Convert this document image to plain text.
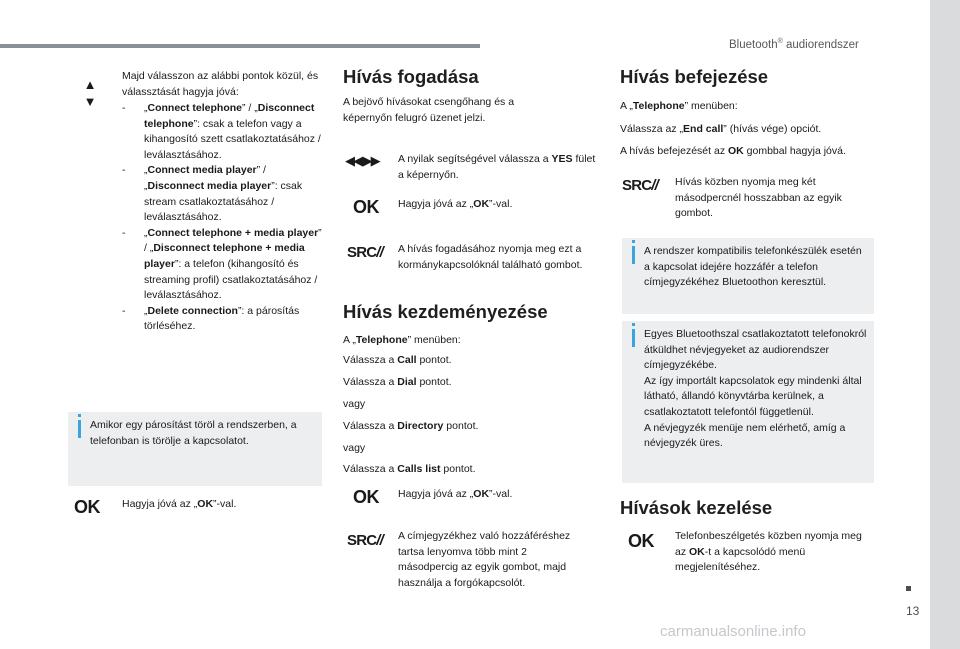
Bluetooth® audiorendszer
13
carmanualsonline.info
▲
▼
Majd válasszon az alábbi pontok közül, és válassztását hagyja jóvá:
- „Connect telephone” / „Disconnect telephone”: csak a telefon vagy a kihangosító szett csatlakoztatásához / leválasztásához.
- „Connect media player” / „Disconnect media player”: csak stream csatlakoztatásához / leválasztásához.
- „Connect telephone + media player” / „Disconnect telephone + media player”: a telefon (kihangosító és streaming profil) csatlakoztatásához / leválasztásához.
- „Delete connection”: a párosítás törléséhez.
Amikor egy párosítást töröl a rendszerben, a telefonban is törölje a kapcsolatot.
OK Hagyja jóvá az „OK”-val.
Hívás fogadása
A bejövő hívásokat csengőhang és a képernyőn felugró üzenet jelzi.
◀◀ ▶▶ A nyilak segítségével válassza a YES fület a képernyőn.
OK Hagyja jóvá az „OK”-val.
SRC// A hívás fogadásához nyomja meg ezt a kormánykapcsolóknál található gombot.
Hívás kezdeményezése
A „Telephone” menüben:
Válassza a Call pontot.
Válassza a Dial pontot.
vagy
Válassza a Directory pontot.
vagy
Válassza a Calls list pontot.
OK Hagyja jóvá az „OK”-val.
SRC// A címjegyzékhez való hozzáféréshez tartsa lenyomva több mint 2 másodpercig az egyik gombot, majd használja a forgókapcsolót.
Hívás befejezése
A „Telephone” menüben:
Válassza az „End call” (hívás vége) opciót.
A hívás befejezését az OK gombbal hagyja jóvá.
SRC// Hívás közben nyomja meg két másodpercnél hosszabban az egyik gombot.
A rendszer kompatibilis telefonkészülék esetén a kapcsolat idejére hozzáfér a telefon címjegyzékéhez Bluetoothon keresztül.
Egyes Bluetoothszal csatlakoztatott telefonokról átküldhet névjegyeket az audiorendszer címjegyzékébe.
Az így importált kapcsolatok egy mindenki által látható, állandó könyvtárba kerülnek, a csatlakoztatott telefontól függetlenül.
A névjegyzék menüje nem elérhető, amíg a névjegyzék üres.
Hívások kezelése
OK Telefonbeszélgetés közben nyomja meg az OK-t a kapcsolódó menü megjelenítéséhez.
